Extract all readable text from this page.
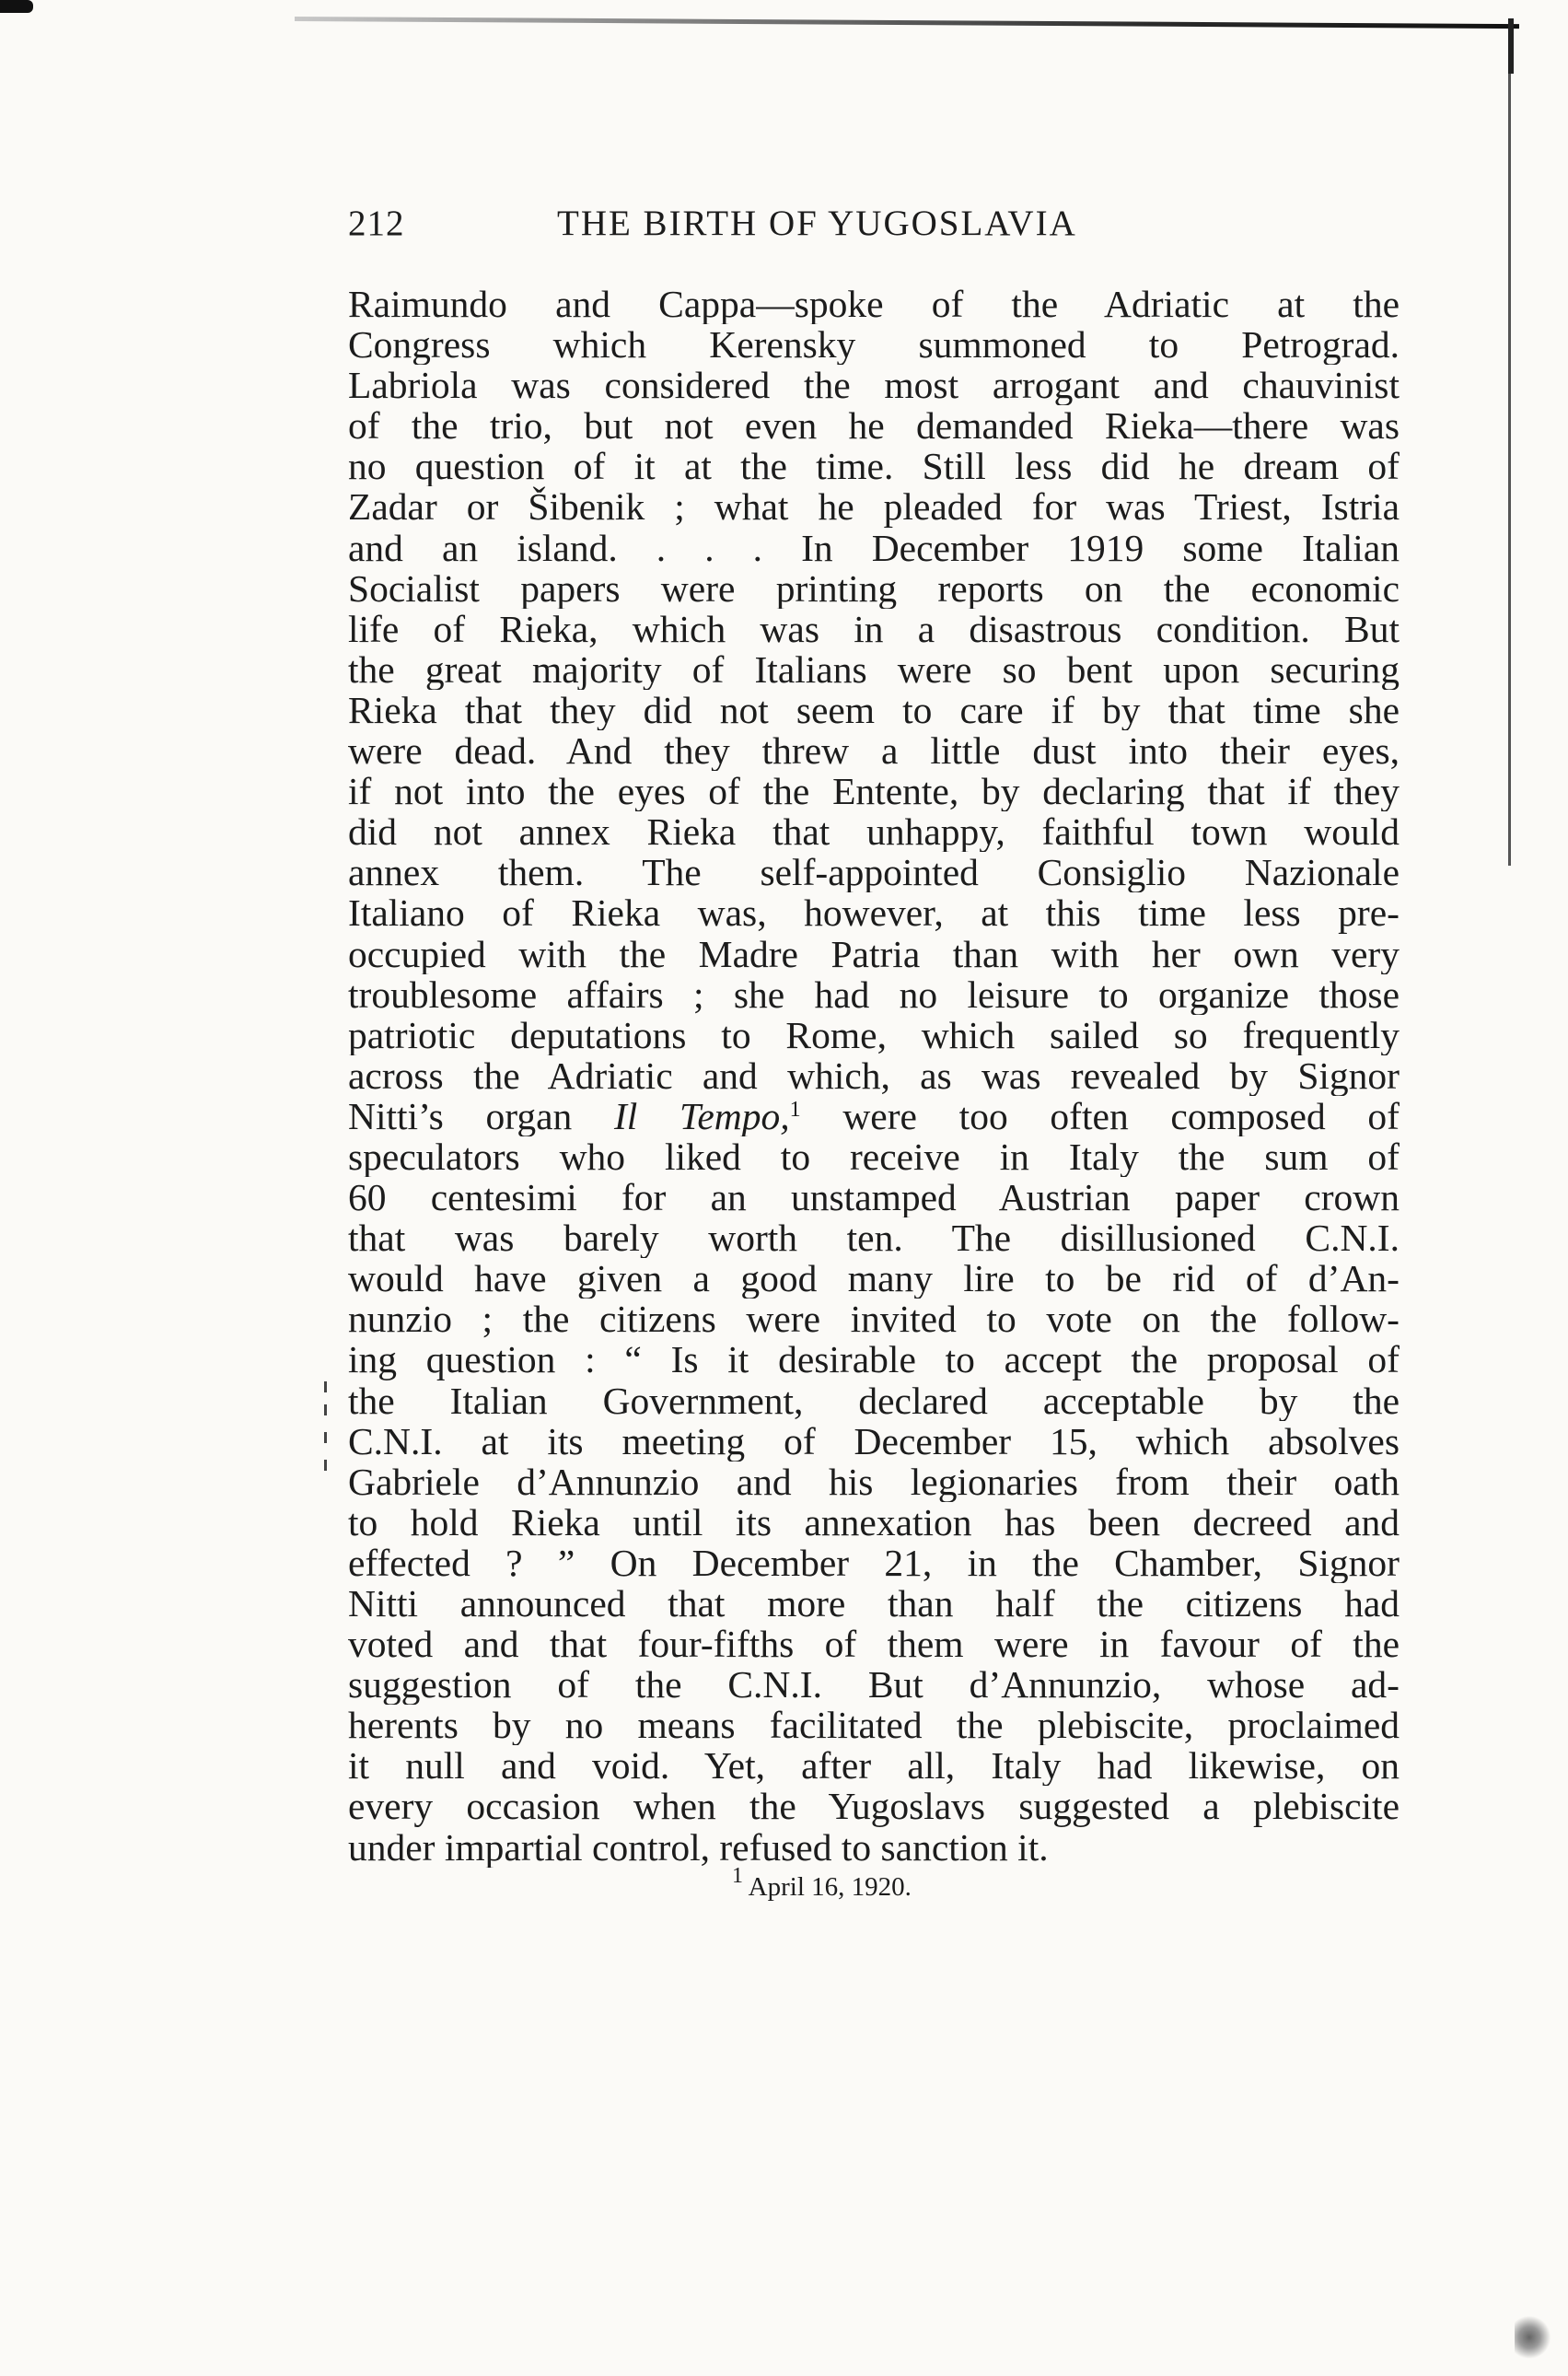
212	THE BIRTH OF YUGOSLAVIA
Raimundo and Cappa—spoke of the Adriatic at the
Congress which Kerensky summoned to Petrograd.
Labriola was considered the most arrogant and chauvinist
of the trio, but not even he demanded Rieka—there was
no question of it at the time. Still less did he dream of
Zadar or Šibenik ; what he pleaded for was Triest, Istria
and an island. . . . In December 1919 some Italian
Socialist papers were printing reports on the economic
life of Rieka, which was in a disastrous condition. But
the great majority of Italians were so bent upon securing
Rieka that they did not seem to care if by that time she
were dead. And they threw a little dust into their eyes,
if not into the eyes of the Entente, by declaring that if they
did not annex Rieka that unhappy, faithful town would
annex them. The self-appointed Consiglio Nazionale
Italiano of Rieka was, however, at this time less pre-
occupied with the Madre Patria than with her own very
troublesome affairs ; she had no leisure to organize those
patriotic deputations to Rome, which sailed so frequently
across the Adriatic and which, as was revealed by Signor
Nitti’s organ Il Tempo,$^1$ were too often composed of
speculators who liked to receive in Italy the sum of
60 centesimi for an unstamped Austrian paper crown
that was barely worth ten. The disillusioned C.N.I.
would have given a good many lire to be rid of d’An-
nunzio ; the citizens were invited to vote on the follow-
ing question : “ Is it desirable to accept the proposal of
the Italian Government, declared acceptable by the
C.N.I. at its meeting of December 15, which absolves
Gabriele d’Annunzio and his legionaries from their oath
to hold Rieka until its annexation has been decreed and
effected ? ” On December 21, in the Chamber, Signor
Nitti announced that more than half the citizens had
voted and that four-fifths of them were in favour of the
suggestion of the C.N.I. But d’Annunzio, whose ad-
herents by no means facilitated the plebiscite, proclaimed
it null and void. Yet, after all, Italy had likewise, on
every occasion when the Yugoslavs suggested a plebiscite
under impartial control, refused to sanction it.
$^1$ April 16, 1920.
